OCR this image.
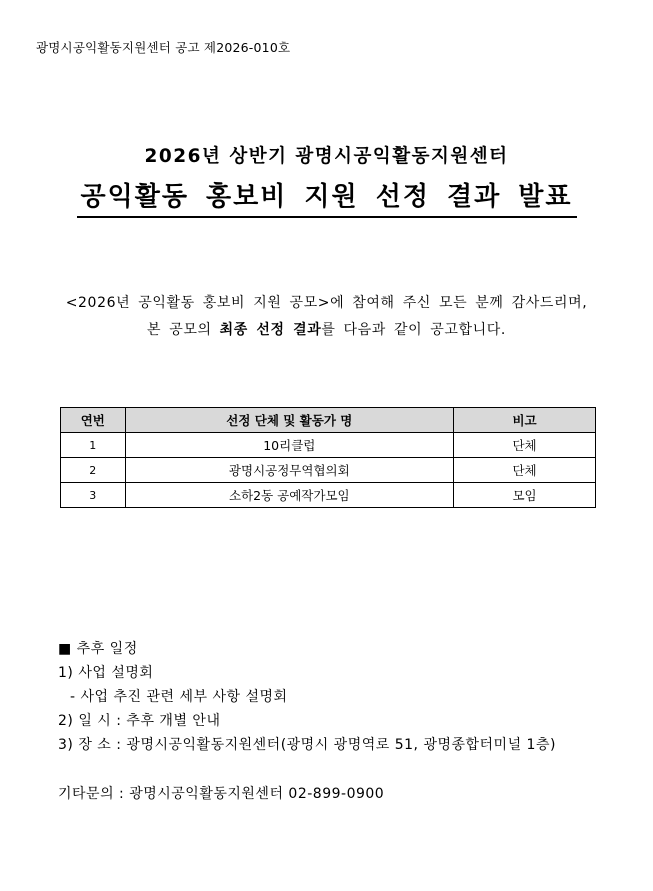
광명시공익활동지원센터 공고 제2026-010호
2026년 상반기 광명시공익활동지원센터
공익활동 홍보비 지원 선정 결과 발표
<2026년 공익활동 홍보비 지원 공모>에 참여해 주신 모든 분께 감사드리며,
본 공모의 최종 선정 결과를 다음과 같이 공고합니다.
연번	선정 단체 및 활동가 명	비고
1	10리클럽	단체
2	광명시공정무역협의회	단체
3	소하2동 공예작가모임	모임
■ 추후 일정
1) 사업 설명회
- 사업 추진 관련 세부 사항 설명회
2) 일 시 : 추후 개별 안내
3) 장 소 : 광명시공익활동지원센터(광명시 광명역로 51, 광명종합터미널 1층)
기타문의 : 광명시공익활동지원센터 02-899-0900
